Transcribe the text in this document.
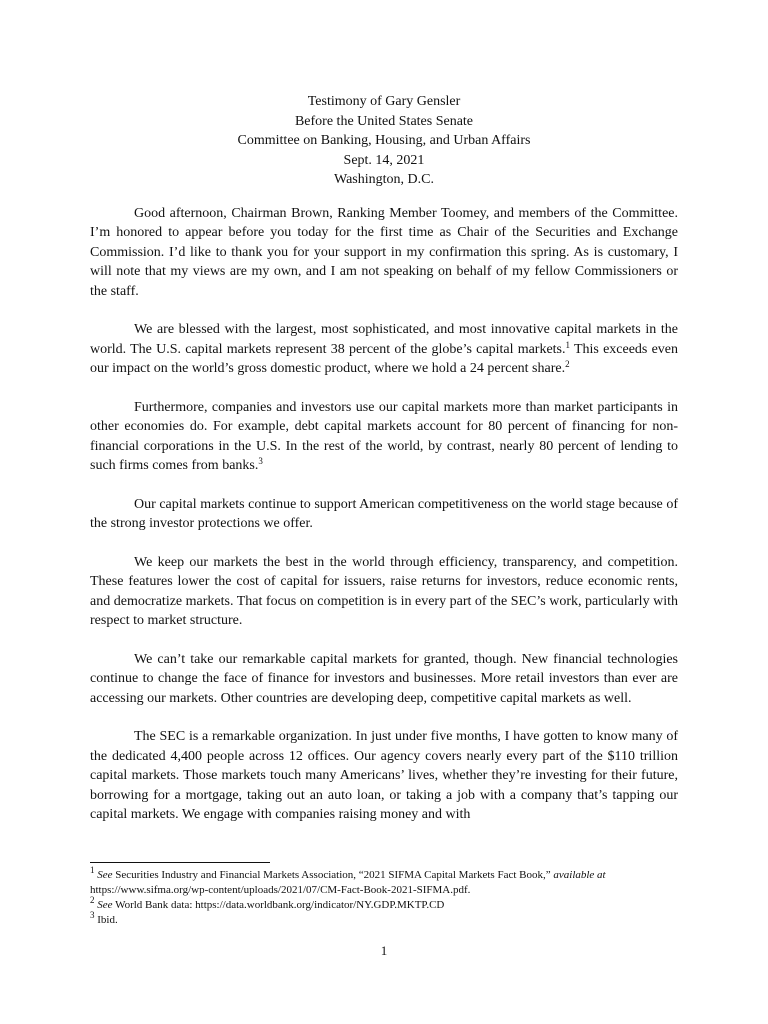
Testimony of Gary Gensler
Before the United States Senate
Committee on Banking, Housing, and Urban Affairs
Sept. 14, 2021
Washington, D.C.

Good afternoon, Chairman Brown, Ranking Member Toomey, and members of the Committee. I’m honored to appear before you today for the first time as Chair of the Securities and Exchange Commission. I’d like to thank you for your support in my confirmation this spring. As is customary, I will note that my views are my own, and I am not speaking on behalf of my fellow Commissioners or the staff.

We are blessed with the largest, most sophisticated, and most innovative capital markets in the world. The U.S. capital markets represent 38 percent of the globe’s capital markets.$^1$ This exceeds even our impact on the world’s gross domestic product, where we hold a 24 percent share.$^2$

Furthermore, companies and investors use our capital markets more than market participants in other economies do. For example, debt capital markets account for 80 percent of financing for non-financial corporations in the U.S. In the rest of the world, by contrast, nearly 80 percent of lending to such firms comes from banks.$^3$

Our capital markets continue to support American competitiveness on the world stage because of the strong investor protections we offer.

We keep our markets the best in the world through efficiency, transparency, and competition. These features lower the cost of capital for issuers, raise returns for investors, reduce economic rents, and democratize markets. That focus on competition is in every part of the SEC’s work, particularly with respect to market structure.

We can’t take our remarkable capital markets for granted, though. New financial technologies continue to change the face of finance for investors and businesses. More retail investors than ever are accessing our markets. Other countries are developing deep, competitive capital markets as well.

The SEC is a remarkable organization. In just under five months, I have gotten to know many of the dedicated 4,400 people across 12 offices. Our agency covers nearly every part of the $110 trillion capital markets. Those markets touch many Americans’ lives, whether they’re investing for their future, borrowing for a mortgage, taking out an auto loan, or taking a job with a company that’s tapping our capital markets. We engage with companies raising money and with

$^1$ See Securities Industry and Financial Markets Association, “2021 SIFMA Capital Markets Fact Book,” available at https://www.sifma.org/wp-content/uploads/2021/07/CM-Fact-Book-2021-SIFMA.pdf.
$^2$ See World Bank data: https://data.worldbank.org/indicator/NY.GDP.MKTP.CD
$^3$ Ibid.
1
